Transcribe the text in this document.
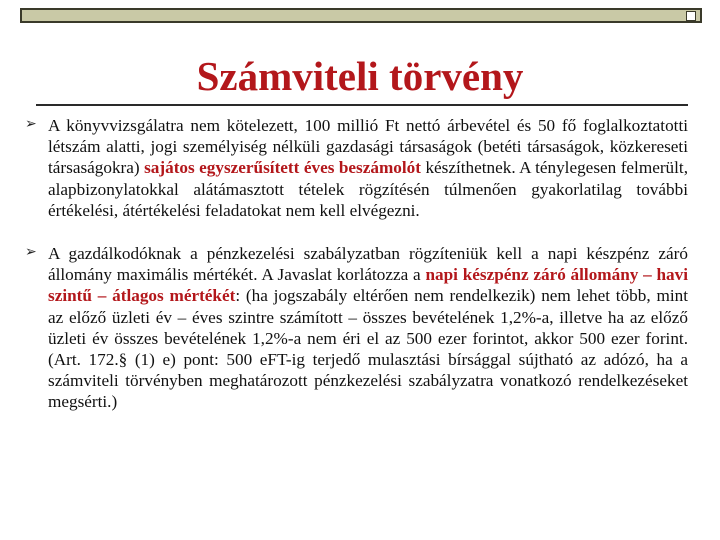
Számviteli törvény
➢ A könyvvizsgálatra nem kötelezett, 100 millió Ft nettó árbevétel és 50 fő foglalkoztatotti létszám alatti, jogi személyiség nélküli gazdasági társaságok (betéti társaságok, közkereseti társaságokra) sajátos egyszerűsített éves beszámolót készíthetnek. A ténylegesen felmerült, alapbizonylatokkal alátámasztott tételek rögzítésén túlmenően gyakorlatilag további értékelési, átértékelési feladatokat nem kell elvégezni.
➢ A gazdálkodóknak a pénzkezelési szabályzatban rögzíteniük kell a napi készpénz záró állomány maximális mértékét. A Javaslat korlátozza a napi készpénz záró állomány – havi szintű – átlagos mértékét: (ha jogszabály eltérően nem rendelkezik) nem lehet több, mint az előző üzleti év – éves szintre számított – összes bevételének 1,2%-a, illetve ha az előző üzleti év összes bevételének 1,2%-a nem éri el az 500 ezer forintot, akkor 500 ezer forint. (Art. 172.§ (1) e) pont: 500 eFT-ig terjedő mulasztási bírsággal sújtható az adózó, ha a számviteli törvényben meghatározott pénzkezelési szabályzatra vonatkozó rendelkezéseket megsérti.)
